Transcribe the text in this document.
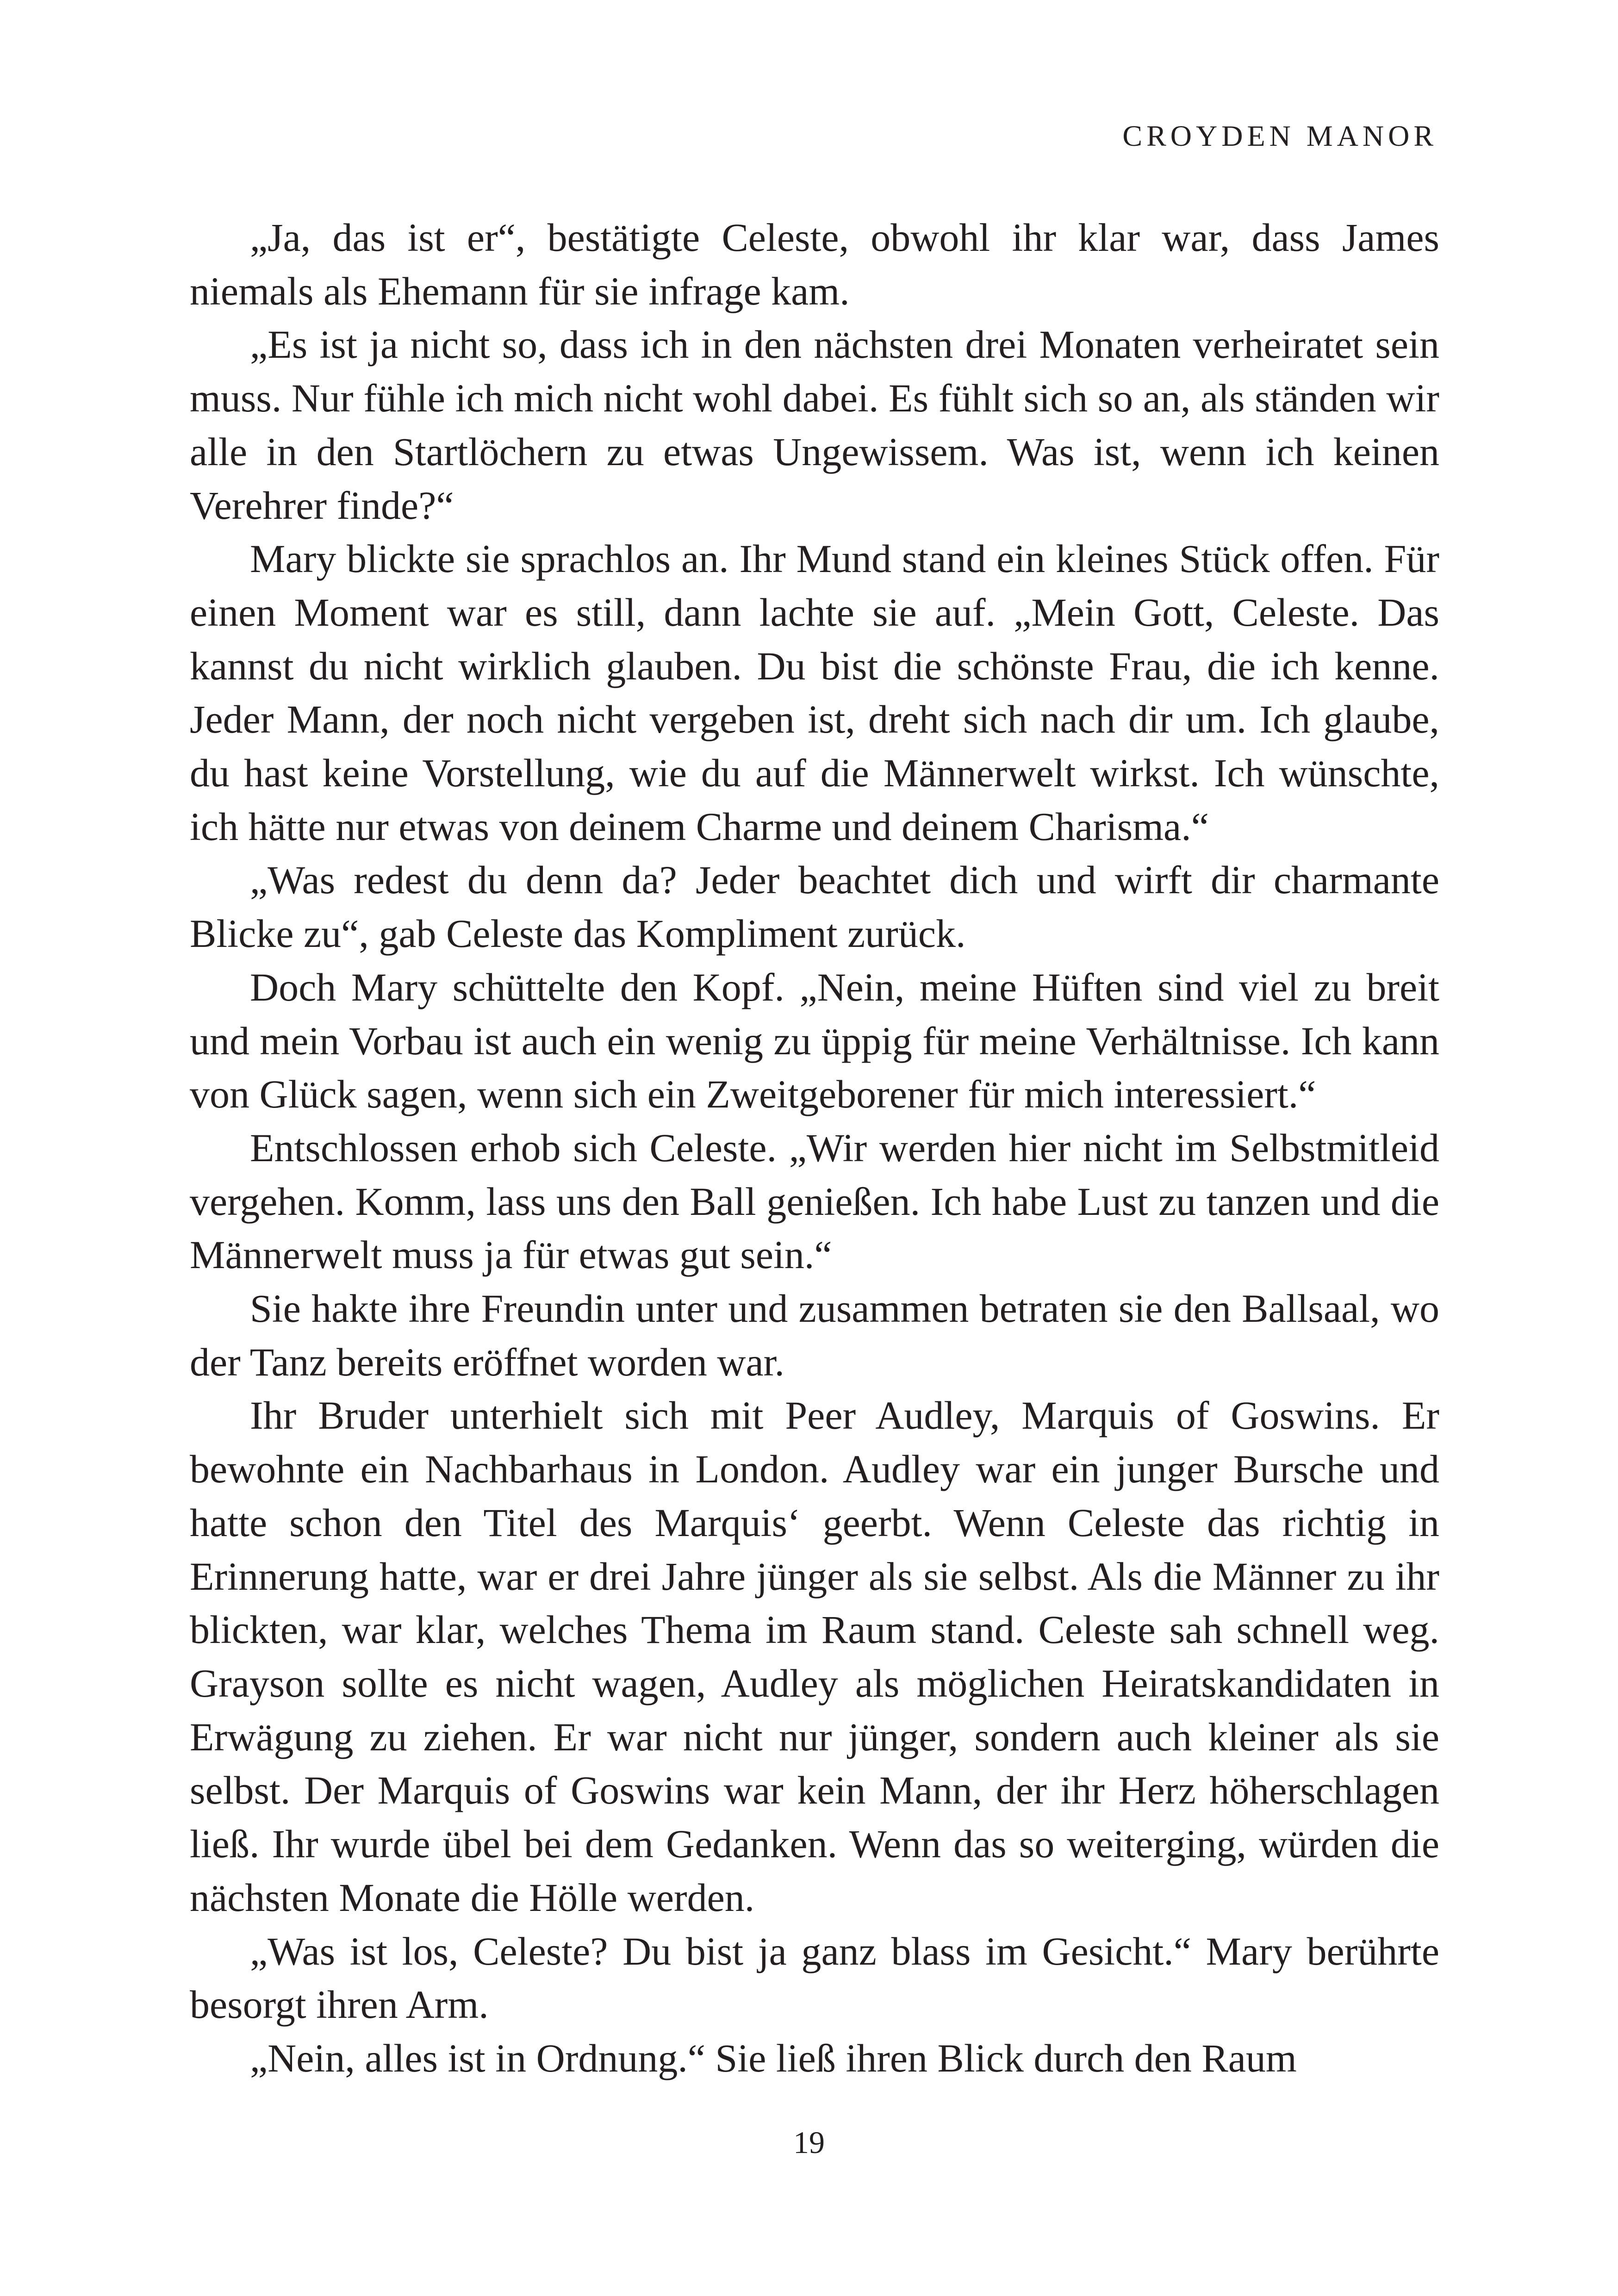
CROYDEN MANOR

„Ja, das ist er“, bestätigte Celeste, obwohl ihr klar war, dass James niemals als Ehemann für sie infrage kam.

„Es ist ja nicht so, dass ich in den nächsten drei Monaten verheiratet sein muss. Nur fühle ich mich nicht wohl dabei. Es fühlt sich so an, als ständen wir alle in den Startlöchern zu etwas Ungewissem. Was ist, wenn ich keinen Verehrer finde?“

Mary blickte sie sprachlos an. Ihr Mund stand ein kleines Stück offen. Für einen Moment war es still, dann lachte sie auf. „Mein Gott, Celeste. Das kannst du nicht wirklich glauben. Du bist die schönste Frau, die ich kenne. Jeder Mann, der noch nicht vergeben ist, dreht sich nach dir um. Ich glaube, du hast keine Vorstellung, wie du auf die Männerwelt wirkst. Ich wünschte, ich hätte nur etwas von deinem Charme und deinem Charisma.“

„Was redest du denn da? Jeder beachtet dich und wirft dir charmante Blicke zu“, gab Celeste das Kompliment zurück.

Doch Mary schüttelte den Kopf. „Nein, meine Hüften sind viel zu breit und mein Vorbau ist auch ein wenig zu üppig für meine Verhältnisse. Ich kann von Glück sagen, wenn sich ein Zweitgeborener für mich interessiert.“

Entschlossen erhob sich Celeste. „Wir werden hier nicht im Selbstmitleid vergehen. Komm, lass uns den Ball genießen. Ich habe Lust zu tanzen und die Männerwelt muss ja für etwas gut sein.“

Sie hakte ihre Freundin unter und zusammen betraten sie den Ballsaal, wo der Tanz bereits eröffnet worden war.

Ihr Bruder unterhielt sich mit Peer Audley, Marquis of Goswins. Er bewohnte ein Nachbarhaus in London. Audley war ein junger Bursche und hatte schon den Titel des Marquis‘ geerbt. Wenn Celeste das richtig in Erinnerung hatte, war er drei Jahre jünger als sie selbst. Als die Männer zu ihr blickten, war klar, welches Thema im Raum stand. Celeste sah schnell weg. Grayson sollte es nicht wagen, Audley als möglichen Heiratskandidaten in Erwägung zu ziehen. Er war nicht nur jünger, sondern auch kleiner als sie selbst. Der Marquis of Goswins war kein Mann, der ihr Herz höherschlagen ließ. Ihr wurde übel bei dem Gedanken. Wenn das so weiterging, würden die nächsten Monate die Hölle werden.

„Was ist los, Celeste? Du bist ja ganz blass im Gesicht.“ Mary berührte besorgt ihren Arm.

„Nein, alles ist in Ordnung.“ Sie ließ ihren Blick durch den Raum

19
